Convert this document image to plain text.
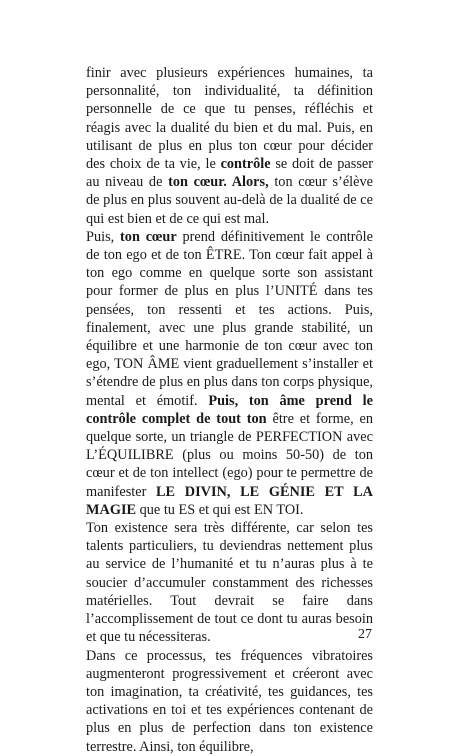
finir avec plusieurs expériences humaines, ta personnalité, ton individualité, ta définition personnelle de ce que tu penses, réfléchis et réagis avec la dualité du bien et du mal. Puis, en utilisant de plus en plus ton cœur pour décider des choix de ta vie, le contrôle se doit de passer au niveau de ton cœur. Alors, ton cœur s’élève de plus en plus souvent au-delà de la dualité de ce qui est bien et de ce qui est mal.

Puis, ton cœur prend définitivement le contrôle de ton ego et de ton ÊTRE. Ton cœur fait appel à ton ego comme en quelque sorte son assistant pour former de plus en plus l’UNITÉ dans tes pensées, ton ressenti et tes actions. Puis, finalement, avec une plus grande stabilité, un équilibre et une harmonie de ton cœur avec ton ego, TON ÂME vient graduellement s’installer et s’étendre de plus en plus dans ton corps physique, mental et émotif. Puis, ton âme prend le contrôle complet de tout ton être et forme, en quelque sorte, un triangle de PERFECTION avec L’ÉQUILIBRE (plus ou moins 50-50) de ton cœur et de ton intellect (ego) pour te permettre de manifester LE DIVIN, LE GÉNIE ET LA MAGIE que tu ES et qui est EN TOI.

Ton existence sera très différente, car selon tes talents particuliers, tu deviendras nettement plus au service de l’humanité et tu n’auras plus à te soucier d’accumuler constamment des richesses matérielles. Tout devrait se faire dans l’accomplissement de tout ce dont tu auras besoin et que tu nécessiteras.

Dans ce processus, tes fréquences vibratoires augmenteront progressivement et créeront avec ton imagination, ta créativité, tes guidances, tes activations en toi et tes expériences contenant de plus en plus de perfection dans ton existence terrestre. Ainsi, ton équilibre,

27
